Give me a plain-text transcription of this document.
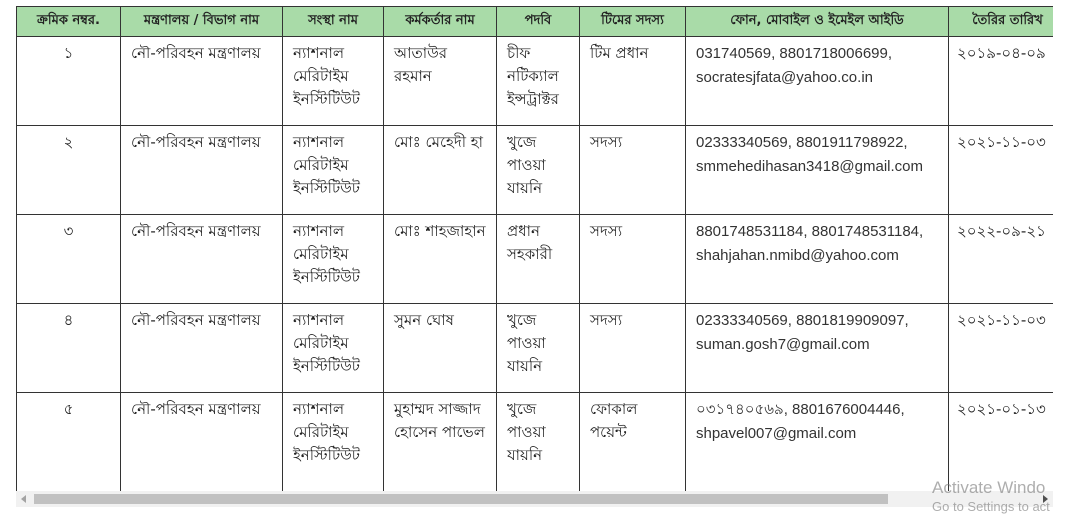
ক্রমিক নম্বর.	মন্ত্রণালয় / বিভাগ নাম	সংস্থা নাম	কর্মকর্তার নাম	পদবি	টিমের সদস্য	ফোন, মোবাইল ও ইমেইল আইডি	তৈরির তারিখ
১	নৌ-পরিবহন মন্ত্রণালয়	ন্যাশনাল মেরিটাইম ইনস্টিটিউট	আতাউর রহমান	চীফ নটিক্যাল ইন্সট্রাক্টর	টিম প্রধান	031740569, 8801718006699, socratesjfata@yahoo.co.in	২০১৯-০৪-০৯
২	নৌ-পরিবহন মন্ত্রণালয়	ন্যাশনাল মেরিটাইম ইনস্টিটিউট	মোঃ মেহেদী হা	খুজে পাওয়া যায়নি	সদস্য	02333340569, 8801911798922, smmehedihasan3418@gmail.com	২০২১-১১-০৩
৩	নৌ-পরিবহন মন্ত্রণালয়	ন্যাশনাল মেরিটাইম ইনস্টিটিউট	মোঃ শাহজাহান	প্রধান সহকারী	সদস্য	8801748531184, 8801748531184, shahjahan.nmibd@yahoo.com	২০২২-০৯-২১
৪	নৌ-পরিবহন মন্ত্রণালয়	ন্যাশনাল মেরিটাইম ইনস্টিটিউট	সুমন ঘোষ	খুজে পাওয়া যায়নি	সদস্য	02333340569, 8801819909097, suman.gosh7@gmail.com	২০২১-১১-০৩
৫	নৌ-পরিবহন মন্ত্রণালয়	ন্যাশনাল মেরিটাইম ইনস্টিটিউট	মুহাম্মদ সাজ্জাদ হোসেন পাভেল	খুজে পাওয়া যায়নি	ফোকাল পয়েন্ট	০৩১৭৪০৫৬৯, 8801676004446, shpavel007@gmail.com	২০২১-০১-১৩
Activate Windo
Go to Settings to act
